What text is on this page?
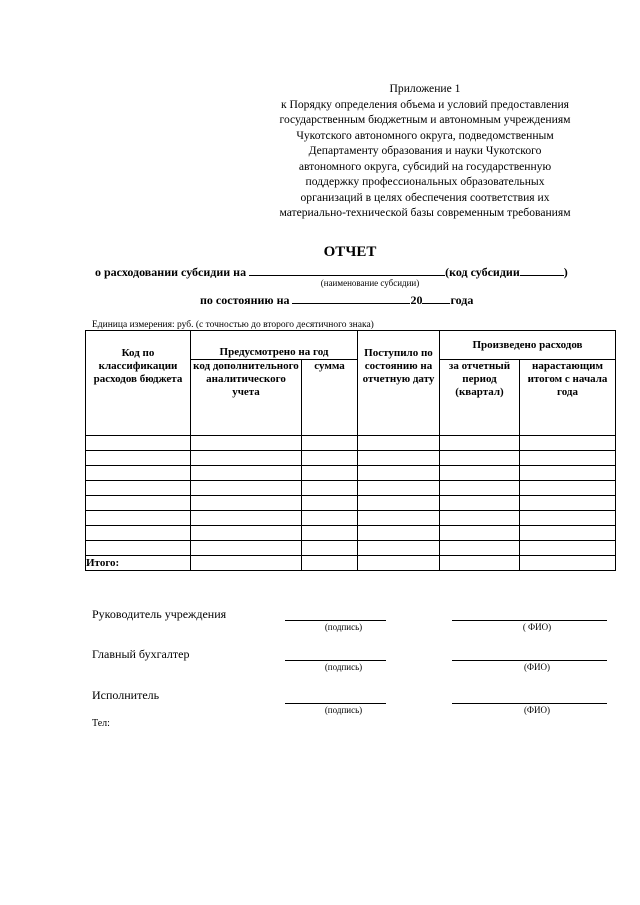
Приложение 1
к Порядку определения объема и условий предоставления
государственным бюджетным и автономным учреждениям
Чукотского автономного округа, подведомственным
Департаменту образования и науки Чукотского
автономного округа, субсидий на государственную
поддержку профессиональных образовательных
организаций в целях обеспечения соответствия их
материально-технической базы современным требованиям
ОТЧЕТ
о расходовании субсидии на	(код субсидии	)
(наименование субсидии)
по состоянию на	20 года
Единица измерения: руб. (с точностью до второго десятичного знака)
Код по классификации расходов бюджета	Предусмотрено на год		Поступило по состоянию на отчетную дату	Произведено расходов	
	код дополнительного аналитического учета	сумма		за отчетный период (квартал)	нарастающим итогом с начала года

Итого:					
Руководитель учреждения
(подпись)	( ФИО)
Главный бухгалтер
(подпись)	(ФИО)
Исполнитель
(подпись)	(ФИО)
Тел:
